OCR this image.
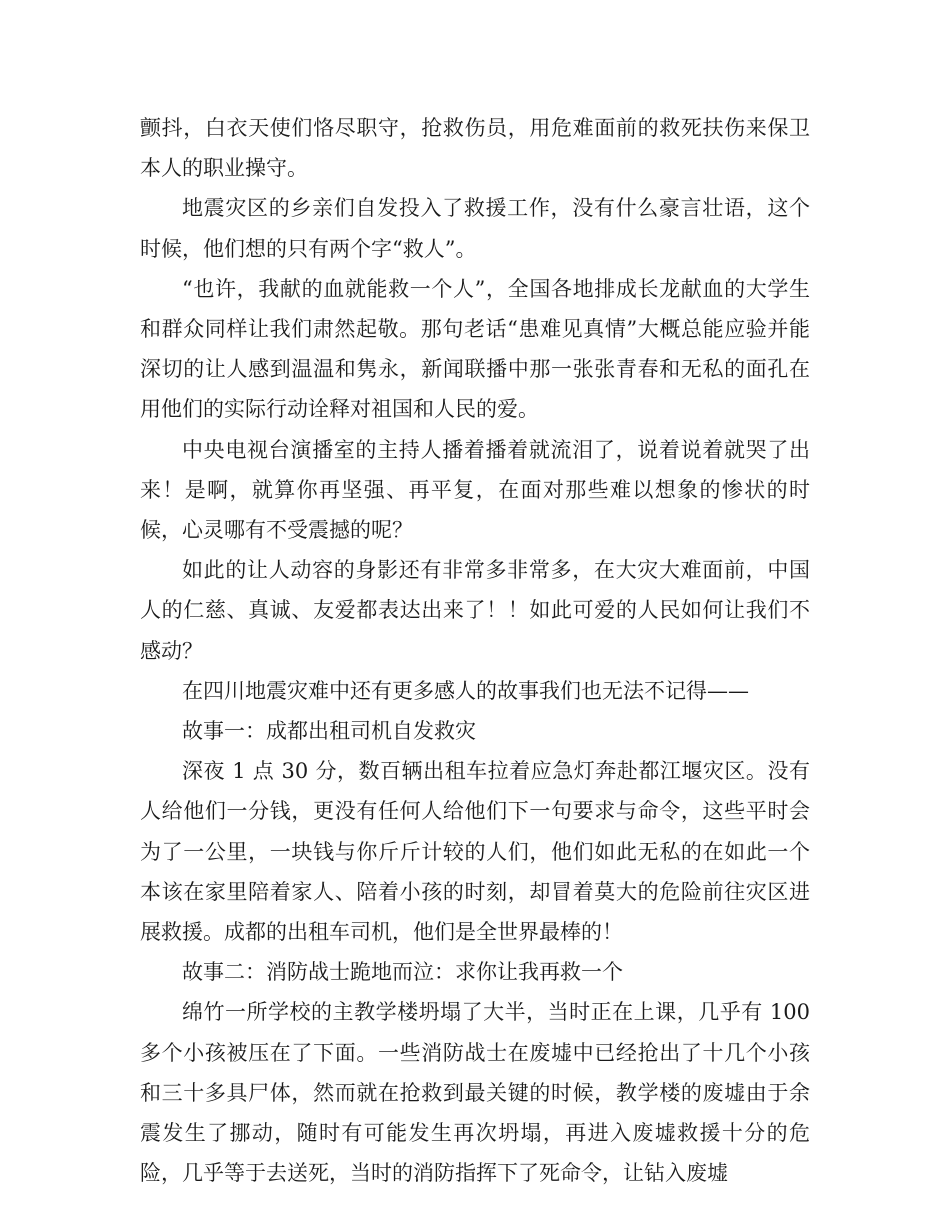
颤抖，白衣天使们恪尽职守，抢救伤员，用危难面前的救死扶伤来保卫本人的职业操守。

地震灾区的乡亲们自发投入了救援工作，没有什么豪言壮语，这个时候，他们想的只有两个字“救人”。

“也许，我献的血就能救一个人”，全国各地排成长龙献血的大学生和群众同样让我们肃然起敬。那句老话“患难见真情”大概总能应验并能深切的让人感到温温和隽永，新闻联播中那一张张青春和无私的面孔在用他们的实际行动诠释对祖国和人民的爱。

中央电视台演播室的主持人播着播着就流泪了，说着说着就哭了出来！是啊，就算你再坚强、再平复，在面对那些难以想象的惨状的时候，心灵哪有不受震撼的呢？

如此的让人动容的身影还有非常多非常多，在大灾大难面前，中国人的仁慈、真诚、友爱都表达出来了！！如此可爱的人民如何让我们不感动？

在四川地震灾难中还有更多感人的故事我们也无法不记得——

故事一：成都出租司机自发救灾

深夜 1 点 30 分，数百辆出租车拉着应急灯奔赴都江堰灾区。没有人给他们一分钱，更没有任何人给他们下一句要求与命令，这些平时会为了一公里，一块钱与你斤斤计较的人们，他们如此无私的在如此一个本该在家里陪着家人、陪着小孩的时刻，却冒着莫大的危险前往灾区进展救援。成都的出租车司机，他们是全世界最棒的！

故事二：消防战士跪地而泣：求你让我再救一个

绵竹一所学校的主教学楼坍塌了大半，当时正在上课，几乎有 100 多个小孩被压在了下面。一些消防战士在废墟中已经抢出了十几个小孩和三十多具尸体，然而就在抢救到最关键的时候，教学楼的废墟由于余震发生了挪动，随时有可能发生再次坍塌，再进入废墟救援十分的危险，几乎等于去送死，当时的消防指挥下了死命令，让钻入废墟
